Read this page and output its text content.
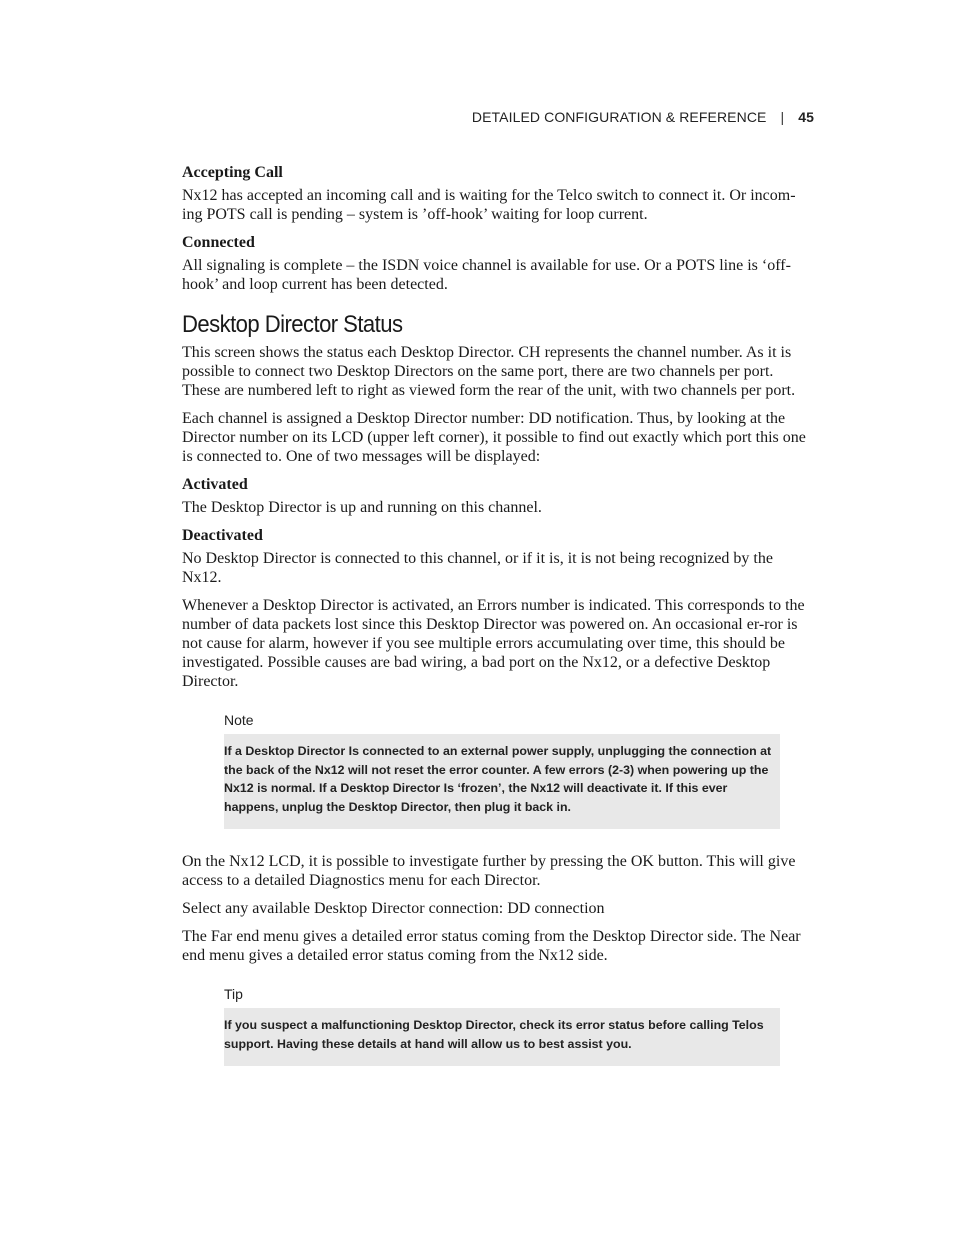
DETAILED CONFIGURATION & REFERENCE | 45
Accepting Call

Nx12 has accepted an incoming call and is waiting for the Telco switch to connect it. Or incom-ing POTS call is pending – system is ’off-hook’ waiting for loop current.

Connected

All signaling is complete – the ISDN voice channel is available for use. Or a POTS line is ‘off-hook’ and loop current has been detected.

Desktop Director Status

This screen shows the status each Desktop Director. CH represents the channel number. As it is possible to connect two Desktop Directors on the same port, there are two channels per port. These are numbered left to right as viewed form the rear of the unit, with two channels per port.

Each channel is assigned a Desktop Director number: DD notification. Thus, by looking at the Director number on its LCD (upper left corner), it possible to find out exactly which port this one is connected to. One of two messages will be displayed:

Activated

The Desktop Director is up and running on this channel.

Deactivated

No Desktop Director is connected to this channel, or if it is, it is not being recognized by the Nx12.

Whenever a Desktop Director is activated, an Errors number is indicated. This corresponds to the number of data packets lost since this Desktop Director was powered on. An occasional er-ror is not cause for alarm, however if you see multiple errors accumulating over time, this should be investigated. Possible causes are bad wiring, a bad port on the Nx12, or a defective Desktop Director.

Note
If a Desktop Director Is connected to an external power supply, unplugging the connection at the back of the Nx12 will not reset the error counter. A few errors (2-3) when powering up the Nx12 is normal. If a Desktop Director Is ‘frozen’, the Nx12 will deactivate it. If this ever happens, unplug the Desktop Director, then plug it back in.

On the Nx12 LCD, it is possible to investigate further by pressing the OK button. This will give access to a detailed Diagnostics menu for each Director.

Select any available Desktop Director connection: DD connection

The Far end menu gives a detailed error status coming from the Desktop Director side. The Near end menu gives a detailed error status coming from the Nx12 side.

Tip
If you suspect a malfunctioning Desktop Director, check its error status before calling Telos support. Having these details at hand will allow us to best assist you.
